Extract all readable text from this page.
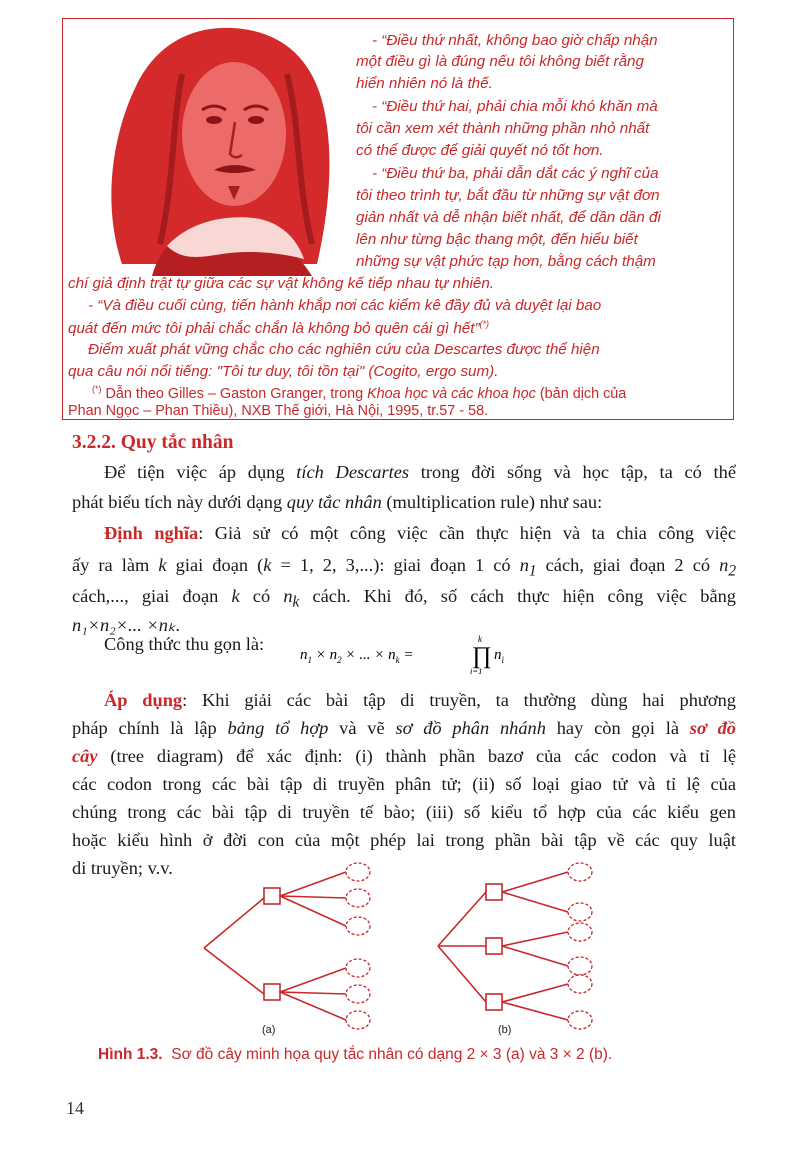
- “Điều thứ nhất, không bao giờ chấp nhận
một điều gì là đúng nếu tôi không biết rằng
hiển nhiên nó là thế.
- “Điều thứ hai, phải chia mỗi khó khăn mà
tôi cần xem xét thành những phần nhỏ nhất
có thể được để giải quyết nó tốt hơn.
- “Điều thứ ba, phải dẫn dắt các ý nghĩ của
tôi theo trình tự, bắt đầu từ những sự vật đơn
giản nhất và dễ nhận biết nhất, để dần dần đi
lên như từng bậc thang một, đến hiểu biết
những sự vật phức tạp hơn, bằng cách thậm
chí giả định trật tự giữa các sự vật không kế tiếp nhau tự nhiên.
- “Và điều cuối cùng, tiến hành khắp nơi các kiểm kê đầy đủ và duyệt lại bao
quát đến mức tôi phải chắc chắn là không bỏ quên cái gì hết”(*)
Điểm xuất phát vững chắc cho các nghiên cứu của Descartes được thể hiện
qua câu nói nổi tiếng: "Tôi tư duy, tôi tồn tại" (Cogito, ergo sum).
(*) Dẫn theo Gilles – Gaston Granger, trong Khoa học và các khoa học (bản dịch của
Phan Ngọc – Phan Thiều), NXB Thế giới, Hà Nội, 1995, tr.57 - 58.
3.2.2. Quy tắc nhân
Để tiện việc áp dụng tích Descartes trong đời sống và học tập, ta có thể
phát biểu tích này dưới dạng quy tắc nhân (multiplication rule) như sau:
Định nghĩa: Giả sử có một công việc cần thực hiện và ta chia công việc
ấy ra làm k giai đoạn (k = 1, 2, 3,...): giai đoạn 1 có $n_1$ cách, giai đoạn 2 có $n_2$
cách,..., giai đoạn k có $n_k$ cách. Khi đó, số cách thực hiện công việc bằng
n₁×n₂×... ×nₖ.
Công thức thu gọn là:
$n_1 \times n_2$ × ... × $n_k$ =
k
∏
i=1
$n_i$
Áp dụng: Khi giải các bài tập di truyền, ta thường dùng hai phương
pháp chính là lập bảng tổ hợp và vẽ sơ đồ phân nhánh hay còn gọi là sơ đồ
cây (tree diagram) để xác định: (i) thành phần bazơ của các codon và tỉ lệ
các codon trong các bài tập di truyền phân tử; (ii) số loại giao tử và tỉ lệ của
chúng trong các bài tập di truyền tế bào; (iii) số kiểu tổ hợp của các kiểu gen
hoặc kiểu hình ở đời con của một phép lai trong phần bài tập về các quy luật
di truyền; v.v.
(a)	(b)
Hình 1.3. Sơ đồ cây minh họa quy tắc nhân có dạng 2 × 3 (a) và 3 × 2 (b).
14
